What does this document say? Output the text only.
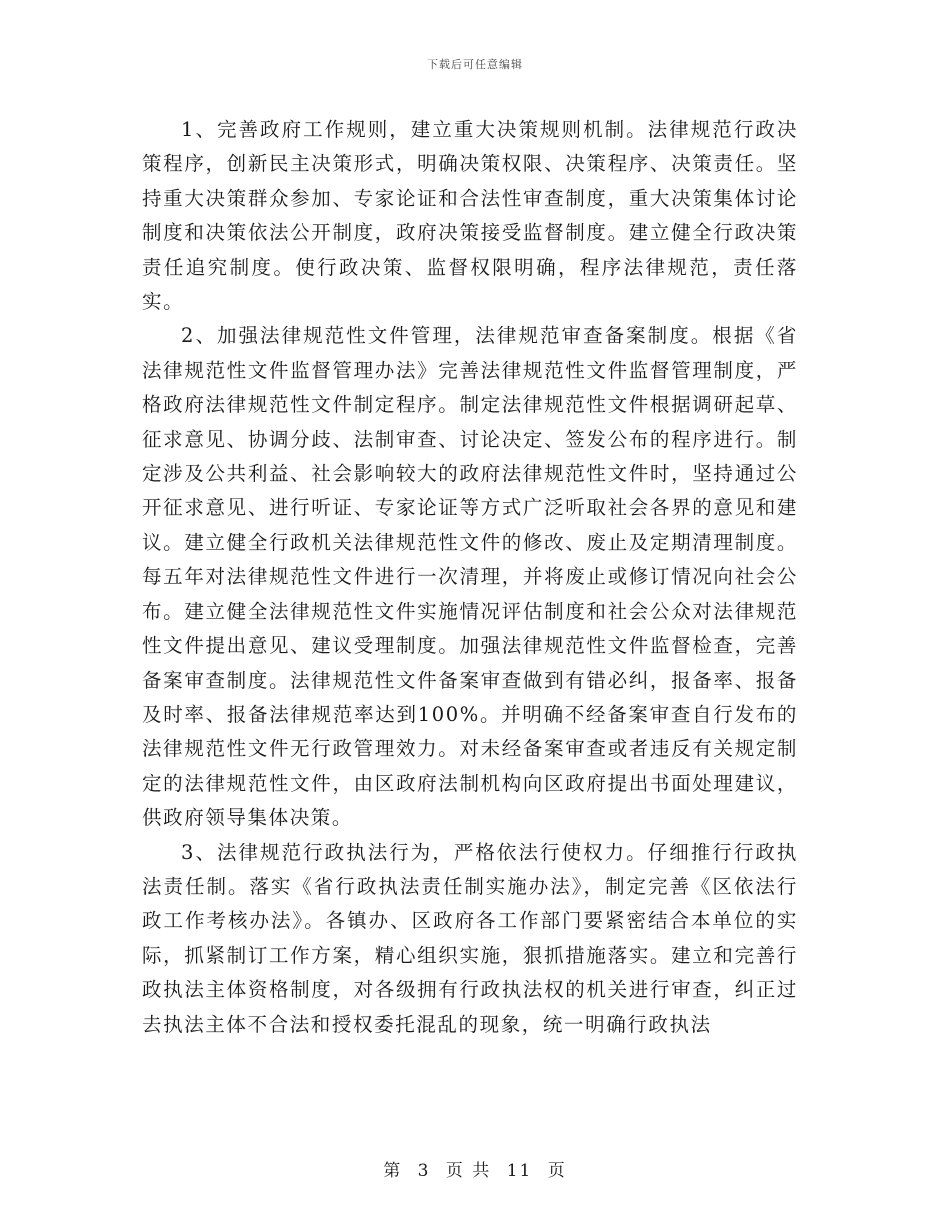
下载后可任意编辑

1、完善政府工作规则，建立重大决策规则机制。法律规范行政决策程序，创新民主决策形式，明确决策权限、决策程序、决策责任。坚持重大决策群众参加、专家论证和合法性审查制度，重大决策集体讨论制度和决策依法公开制度，政府决策接受监督制度。建立健全行政决策责任追究制度。使行政决策、监督权限明确，程序法律规范，责任落实。

2、加强法律规范性文件管理，法律规范审查备案制度。根据《省法律规范性文件监督管理办法》完善法律规范性文件监督管理制度，严格政府法律规范性文件制定程序。制定法律规范性文件根据调研起草、征求意见、协调分歧、法制审查、讨论决定、签发公布的程序进行。制定涉及公共利益、社会影响较大的政府法律规范性文件时，坚持通过公开征求意见、进行听证、专家论证等方式广泛听取社会各界的意见和建议。建立健全行政机关法律规范性文件的修改、废止及定期清理制度。每五年对法律规范性文件进行一次清理，并将废止或修订情况向社会公布。建立健全法律规范性文件实施情况评估制度和社会公众对法律规范性文件提出意见、建议受理制度。加强法律规范性文件监督检查，完善备案审查制度。法律规范性文件备案审查做到有错必纠，报备率、报备及时率、报备法律规范率达到100%。并明确不经备案审查自行发布的法律规范性文件无行政管理效力。对未经备案审查或者违反有关规定制定的法律规范性文件，由区政府法制机构向区政府提出书面处理建议，供政府领导集体决策。

3、法律规范行政执法行为，严格依法行使权力。仔细推行行政执法责任制。落实《省行政执法责任制实施办法》，制定完善《区依法行政工作考核办法》。各镇办、区政府各工作部门要紧密结合本单位的实际，抓紧制订工作方案，精心组织实施，狠抓措施落实。建立和完善行政执法主体资格制度，对各级拥有行政执法权的机关进行审查，纠正过去执法主体不合法和授权委托混乱的现象，统一明确行政执法

第 3 页 共 11 页
